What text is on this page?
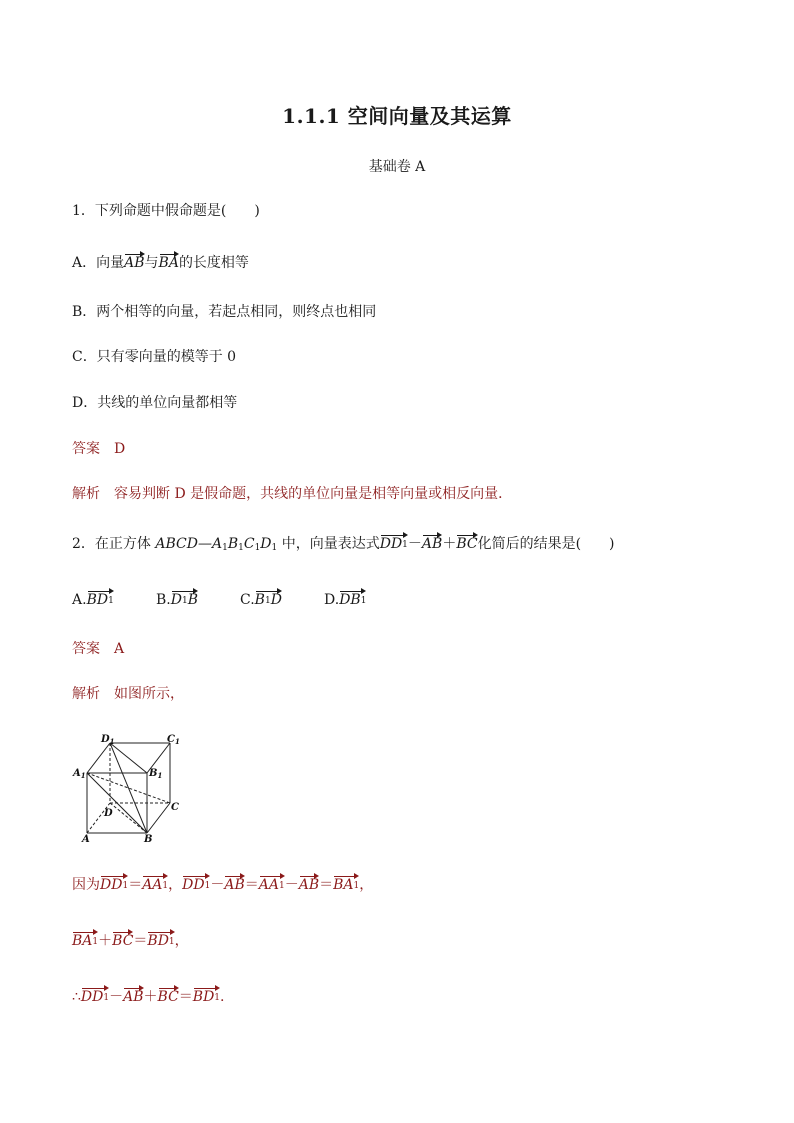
1.1.1 空间向量及其运算
基础卷 A
1．下列命题中假命题是(　　)
A．向量AB与BA的长度相等
B．两个相等的向量，若起点相同，则终点也相同
C．只有零向量的模等于 0
D．共线的单位向量都相等
答案　D
解析　容易判断 D 是假命题，共线的单位向量是相等向量或相反向量．
2．在正方体 $ABCD—A_1B_1C_1D_1$ 中，向量表达式$DD^1-AB+BC$化简后的结果是(　　)
$A.BD^1$	$B.D^1B$	$C.B^1D$	$D.DB^1$
答案　A
解析　如图所示，
$D_1$	$C_1$
$A_1$	$B_1$
D
C
A	B
因为$DD^1=AA^1$，$DD^1-AB=AA^1-AB=BA^1$，
$BA^1+BC=BD^1$，
$\therefore DD^1-AB+BC=BD^1$.
